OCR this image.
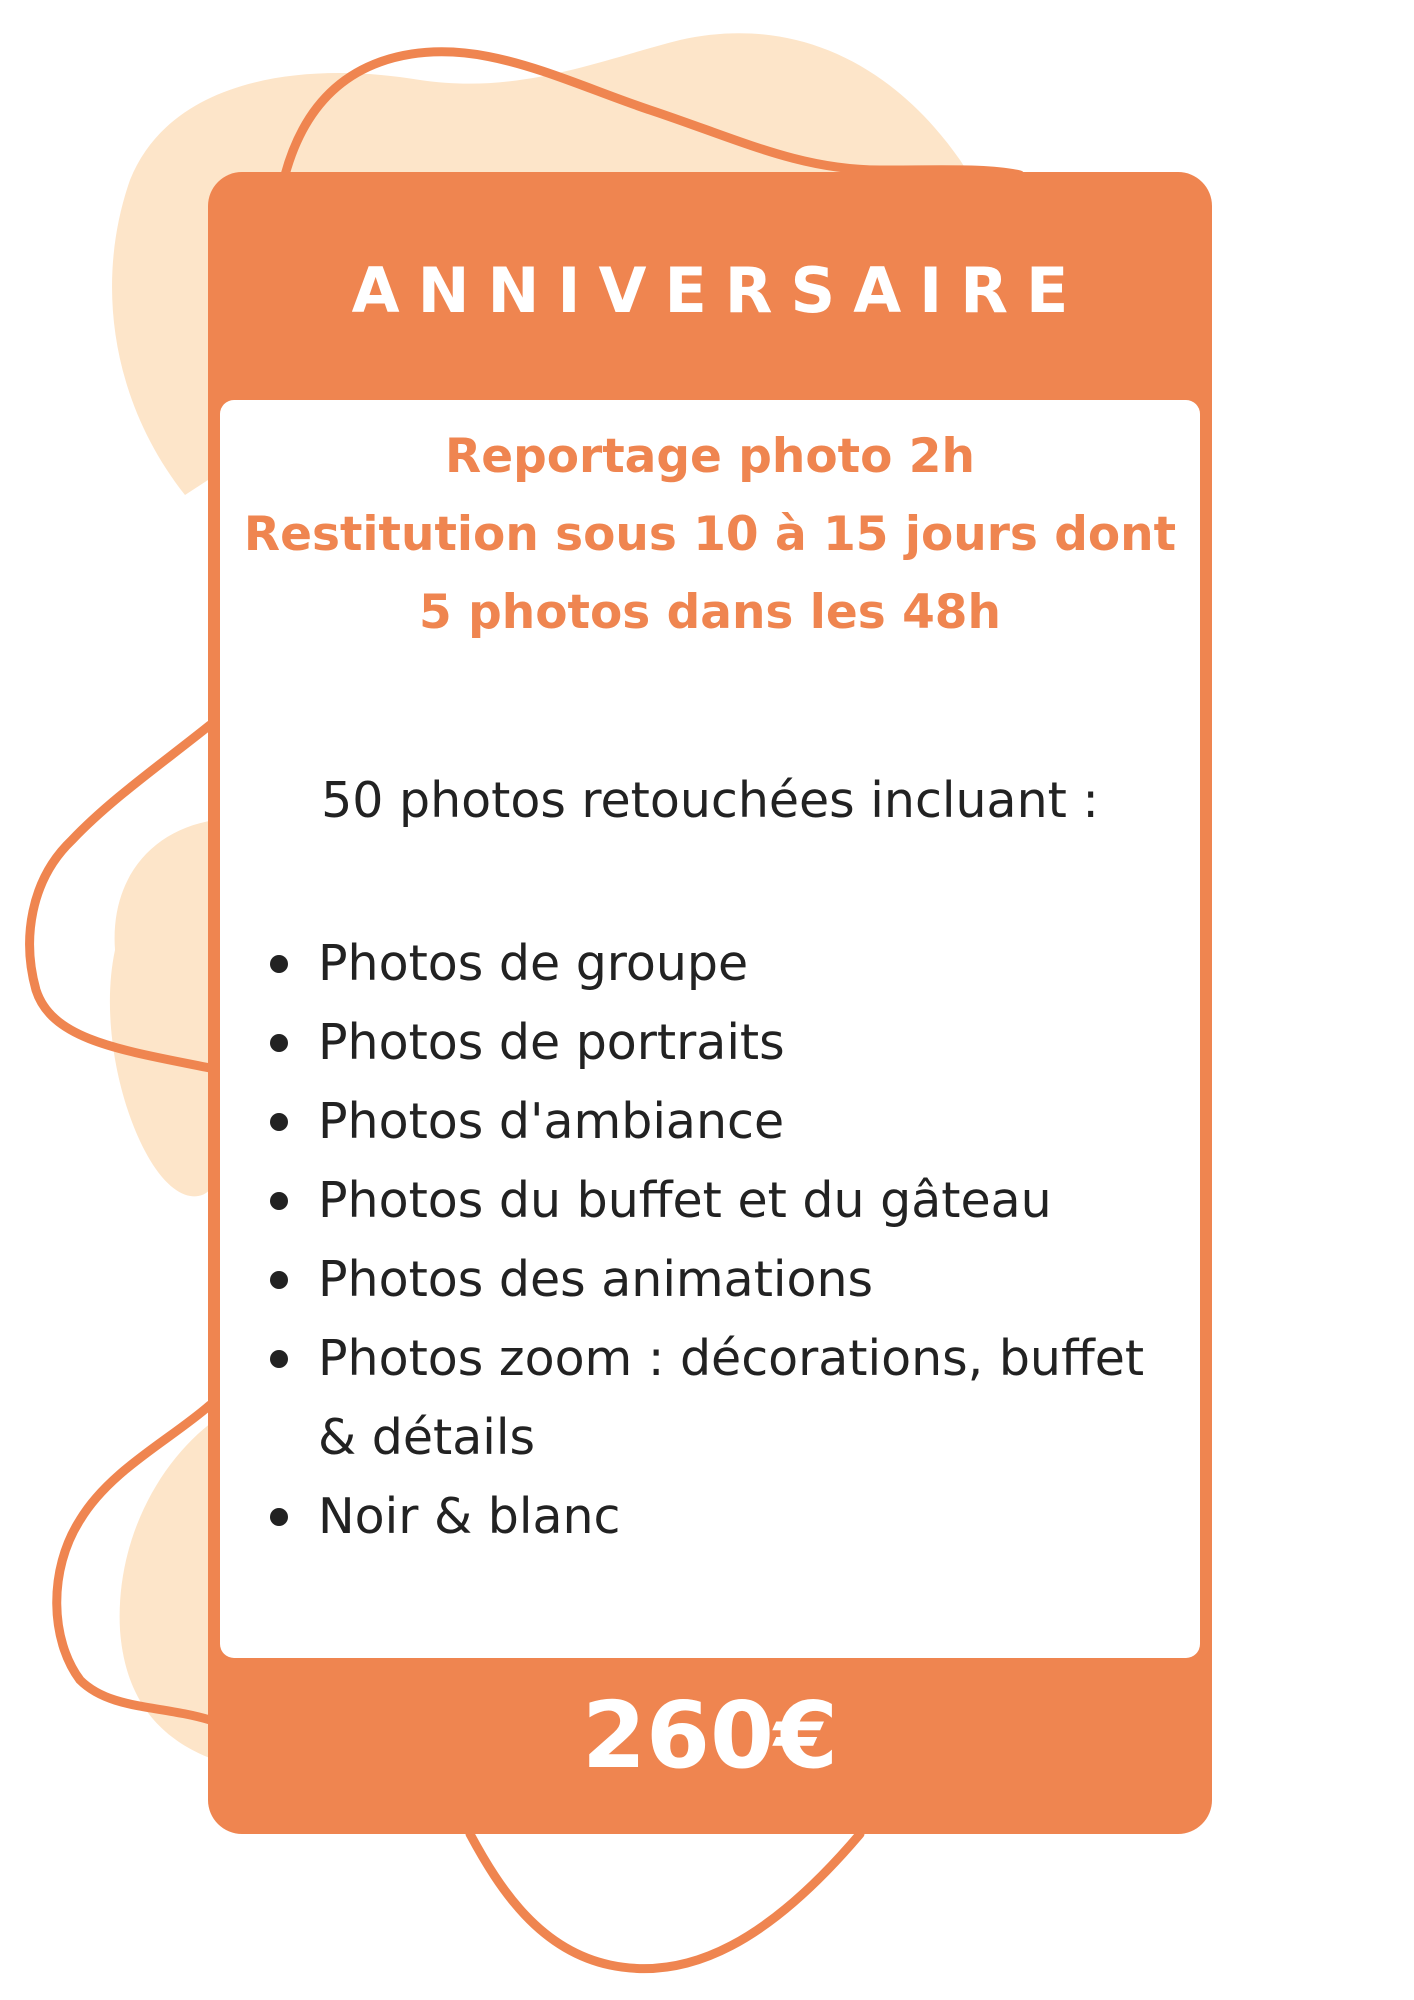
ANNIVERSAIRE

Reportage photo 2h
Restitution sous 10 à 15 jours dont
5 photos dans les 48h

50 photos retouchées incluant :
Photos de groupe
Photos de portraits
Photos d'ambiance
Photos du buffet et du gâteau
Photos des animations
Photos zoom : décorations, buffet & détails
Noir & blanc
260€
